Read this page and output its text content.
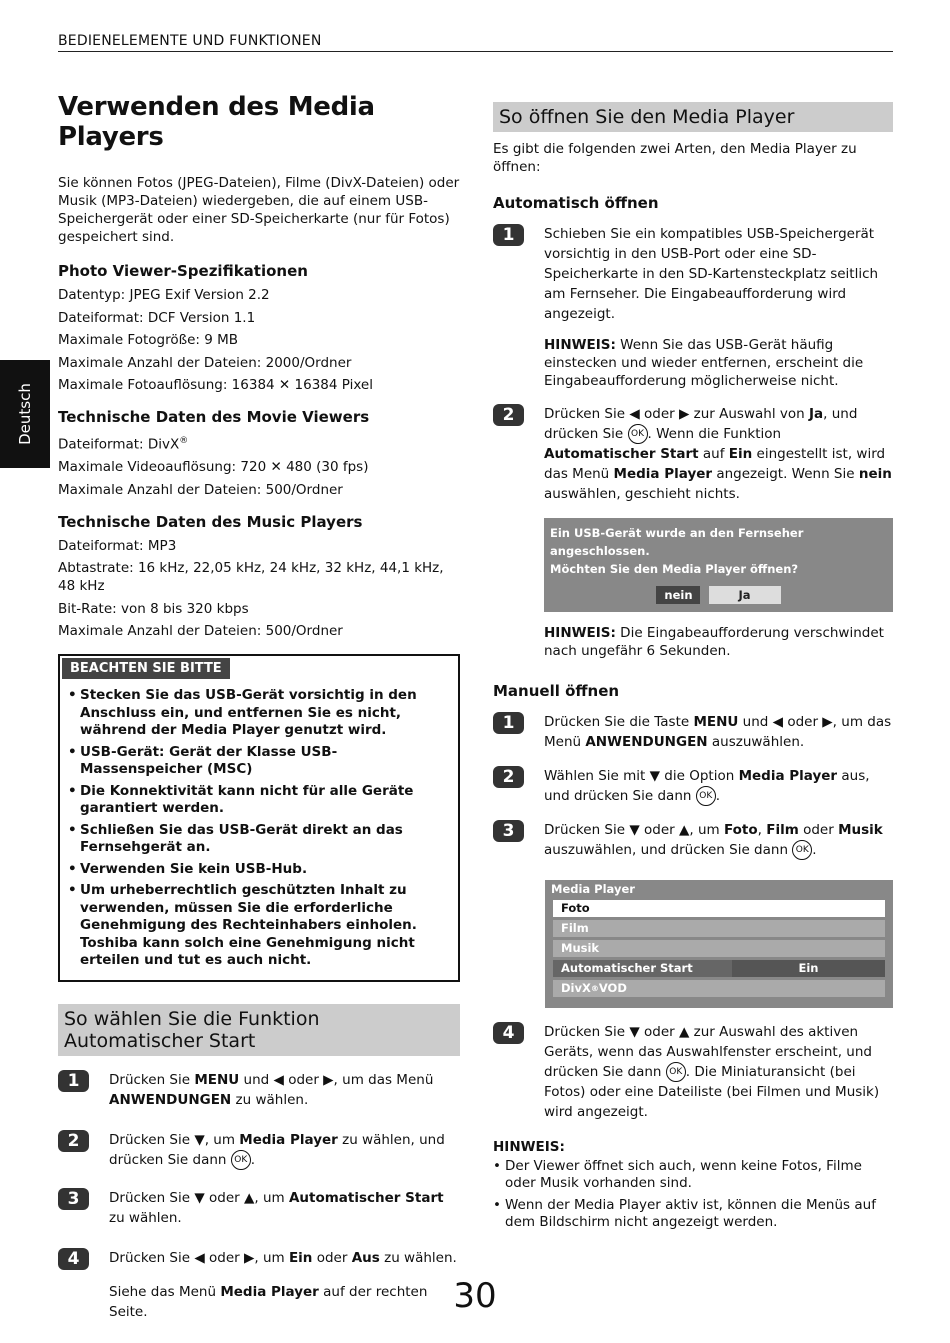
BEDIENELEMENTE UND FUNKTIONEN
Deutsch
Verwenden des Media Players

Sie können Fotos (JPEG-Dateien), Filme (DivX-Dateien) oder Musik (MP3-Dateien) wiedergeben, die auf einem USB-Speichergerät oder einer SD-Speicherkarte (nur für Fotos) gespeichert sind.

Photo Viewer-Spezifikationen

Datentyp: JPEG Exif Version 2.2

Dateiformat: DCF Version 1.1

Maximale Fotogröße: 9 MB

Maximale Anzahl der Dateien: 2000/Ordner

Maximale Fotoauflösung: 16384 ✕ 16384 Pixel

Technische Daten des Movie Viewers

Dateiformat: DivX®

Maximale Videoauflösung: 720 ✕ 480 (30 fps)

Maximale Anzahl der Dateien: 500/Ordner

Technische Daten des Music Players

Dateiformat: MP3

Abtastrate: 16 kHz, 22,05 kHz, 24 kHz, 32 kHz, 44,1 kHz, 48 kHz

Bit-Rate: von 8 bis 320 kbps

Maximale Anzahl der Dateien: 500/Ordner

BEACHTEN SIE BITTE
• Stecken Sie das USB-Gerät vorsichtig in den Anschluss ein, und entfernen Sie es nicht, während der Media Player genutzt wird.
• USB-Gerät: Gerät der Klasse USB-Massenspeicher (MSC)
• Die Konnektivität kann nicht für alle Geräte garantiert werden.
• Schließen Sie das USB-Gerät direkt an das Fernsehgerät an.
• Verwenden Sie kein USB-Hub.
• Um urheberrechtlich geschützten Inhalt zu verwenden, müssen Sie die erforderliche Genehmigung des Rechteinhabers einholen. Toshiba kann solch eine Genehmigung nicht erteilen und tut es auch nicht.
So wählen Sie die Funktion Automatischer Start
1	Drücken Sie MENU und ◀ oder ▶, um das Menü ANWENDUNGEN zu wählen.

2	Drücken Sie ▼, um Media Player zu wählen, und drücken Sie dann OK .

3	Drücken Sie ▼ oder ▲, um Automatischer Start zu wählen.

4	Drücken Sie ◀ oder ▶, um Ein oder Aus zu wählen.

Siehe das Menü Media Player auf der rechten Seite.

So öffnen Sie den Media Player

Es gibt die folgenden zwei Arten, den Media Player zu öffnen:

Automatisch öffnen
1	Schieben Sie ein kompatibles USB-Speichergerät vorsichtig in den USB-Port oder eine SD-Speicherkarte in den SD-Kartensteckplatz seitlich am Fernseher. Die Eingabeaufforderung wird angezeigt.

HINWEIS: Wenn Sie das USB-Gerät häufig einstecken und wieder entfernen, erscheint die Eingabeaufforderung möglicherweise nicht.

2	Drücken Sie ◀ oder ▶ zur Auswahl von Ja, und drücken Sie OK . Wenn die Funktion Automatischer Start auf Ein eingestellt ist, wird das Menü Media Player angezeigt. Wenn Sie nein auswählen, geschieht nichts.

Ein USB-Gerät wurde an den Fernseher angeschlossen.
Möchten Sie den Media Player öffnen?
nein	Ja

HINWEIS: Die Eingabeaufforderung verschwindet nach ungefähr 6 Sekunden.

Manuell öffnen
1	Drücken Sie die Taste MENU und ◀ oder ▶, um das Menü ANWENDUNGEN auszuwählen.

2	Wählen Sie mit ▼ die Option Media Player aus, und drücken Sie dann OK .

3	Drücken Sie ▼ oder ▲, um Foto, Film oder Musik auszuwählen, und drücken Sie dann OK .

Media Player
Foto
Film
Musik
Automatischer Start	Ein
DivX ® VOD
4	Drücken Sie ▼ oder ▲ zur Auswahl des aktiven Geräts, wenn das Auswahlfenster erscheint, und drücken Sie dann OK . Die Miniaturansicht (bei Fotos) oder eine Dateiliste (bei Filmen und Musik) wird angezeigt.

HINWEIS:

• Der Viewer öffnet sich auch, wenn keine Fotos, Filme oder Musik vorhanden sind.
• Wenn der Media Player aktiv ist, können die Menüs auf dem Bildschirm nicht angezeigt werden.
30
